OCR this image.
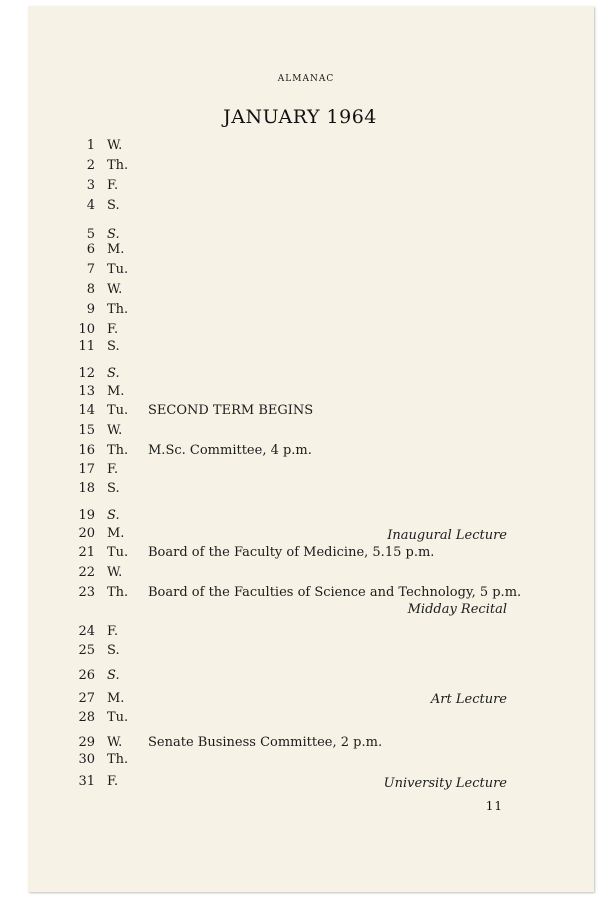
ALMANAC
JANUARY 1964
1 W.
2 Th.
3 F.
4 S.
5 S.
6 M.
7 Tu.
8 W.
9 Th.
10 F.
11 S.
12 S.
13 M.
14 Tu. SECOND TERM BEGINS
15 W.
16 Th. M.Sc. Committee, 4 p.m.
17 F.
18 S.
19 S.
20 M.	Inaugural Lecture
21 Tu. Board of the Faculty of Medicine, 5.15 p.m.
22 W.
23 Th. Board of the Faculties of Science and Technology, 5 p.m.
Midday Recital
24 F.
25 S.
26 S.
27 M.	Art Lecture
28 Tu.
29 W. Senate Business Committee, 2 p.m.
30 Th.
31 F.	University Lecture
11
